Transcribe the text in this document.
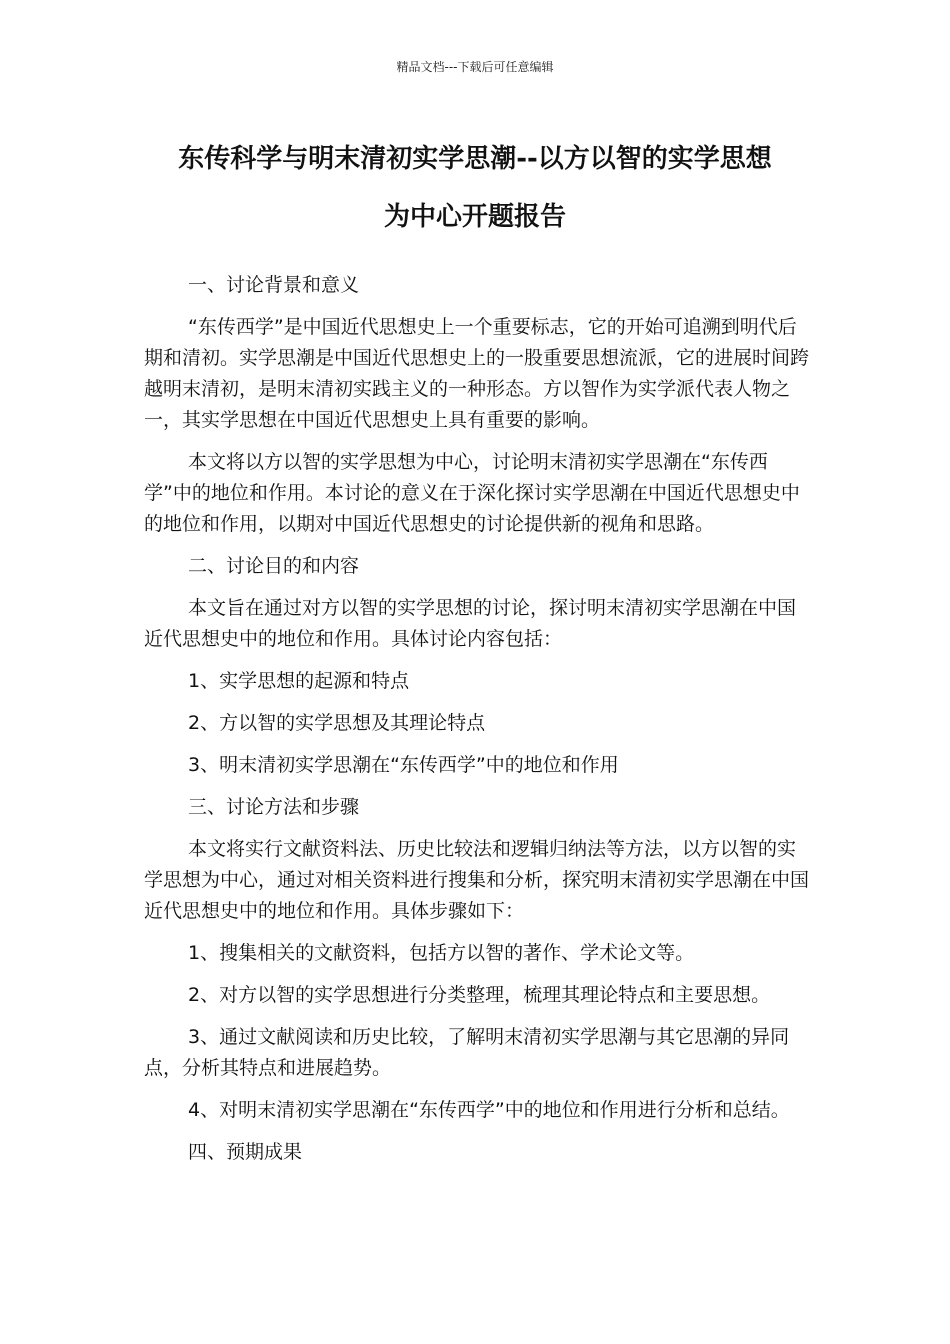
精品文档---下载后可任意编辑
东传科学与明末清初实学思潮--以方以智的实学思想
为中心开题报告
一、讨论背景和意义
“东传西学”是中国近代思想史上一个重要标志，它的开始可追溯到明代后期和清初。实学思潮是中国近代思想史上的一股重要思想流派，它的进展时间跨越明末清初，是明末清初实践主义的一种形态。方以智作为实学派代表人物之一，其实学思想在中国近代思想史上具有重要的影响。
本文将以方以智的实学思想为中心，讨论明末清初实学思潮在“东传西学”中的地位和作用。本讨论的意义在于深化探讨实学思潮在中国近代思想史中的地位和作用，以期对中国近代思想史的讨论提供新的视角和思路。
二、讨论目的和内容
本文旨在通过对方以智的实学思想的讨论，探讨明末清初实学思潮在中国近代思想史中的地位和作用。具体讨论内容包括：
1、实学思想的起源和特点
2、方以智的实学思想及其理论特点
3、明末清初实学思潮在“东传西学”中的地位和作用
三、讨论方法和步骤
本文将实行文献资料法、历史比较法和逻辑归纳法等方法，以方以智的实学思想为中心，通过对相关资料进行搜集和分析，探究明末清初实学思潮在中国近代思想史中的地位和作用。具体步骤如下：
1、搜集相关的文献资料，包括方以智的著作、学术论文等。
2、对方以智的实学思想进行分类整理，梳理其理论特点和主要思想。
3、通过文献阅读和历史比较，了解明末清初实学思潮与其它思潮的异同点，分析其特点和进展趋势。
4、对明末清初实学思潮在“东传西学”中的地位和作用进行分析和总结。
四、预期成果
